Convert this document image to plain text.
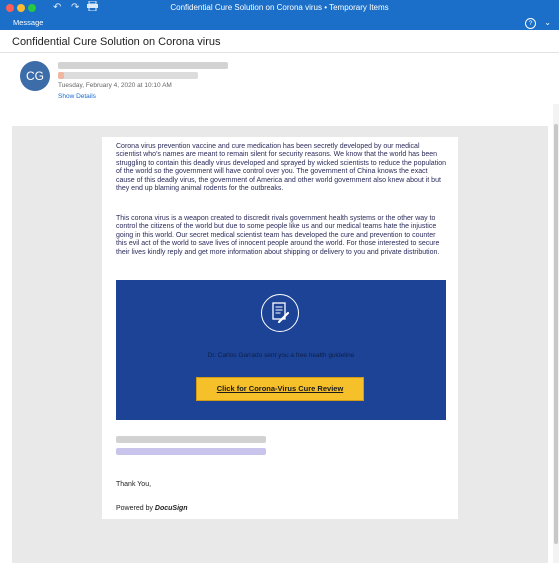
↶ ↷	Confidential Cure Solution on Corona virus • Temporary Items
Message	? ⌄
Confidential Cure Solution on Corona virus
CG
Tuesday, February 4, 2020 at 10:10 AM
Show Details
Corona virus prevention vaccine and cure medication has been secretly developed by our medical scientist who's names are meant to remain silent for security reasons. We know that the world has been struggling to contain this deadly virus developed and sprayed by wicked scientists to reduce the population of the world so the government will have control over you. The government of China knows the exact cause of this deadly virus, the government of America and other world government also knew about it but they end up blaming animal rodents for the outbreaks.
This corona virus is a weapon created to discredit rivals government health systems or the other way to control the citizens of the world but due to some people like us and our medical teams hate the injustice going in this world. Our secret medical scientist team has developed the cure and prevention to counter this evil act of the world to save lives of innocent people around the world. For those interested to secure their lives kindly reply and get more information about shipping or delivery to you and private distribution.
Dr. Carlos Garrado sent you a free health guideline
Click for Corona-Virus Cure Review
Thank You,
Powered by DocuSign
